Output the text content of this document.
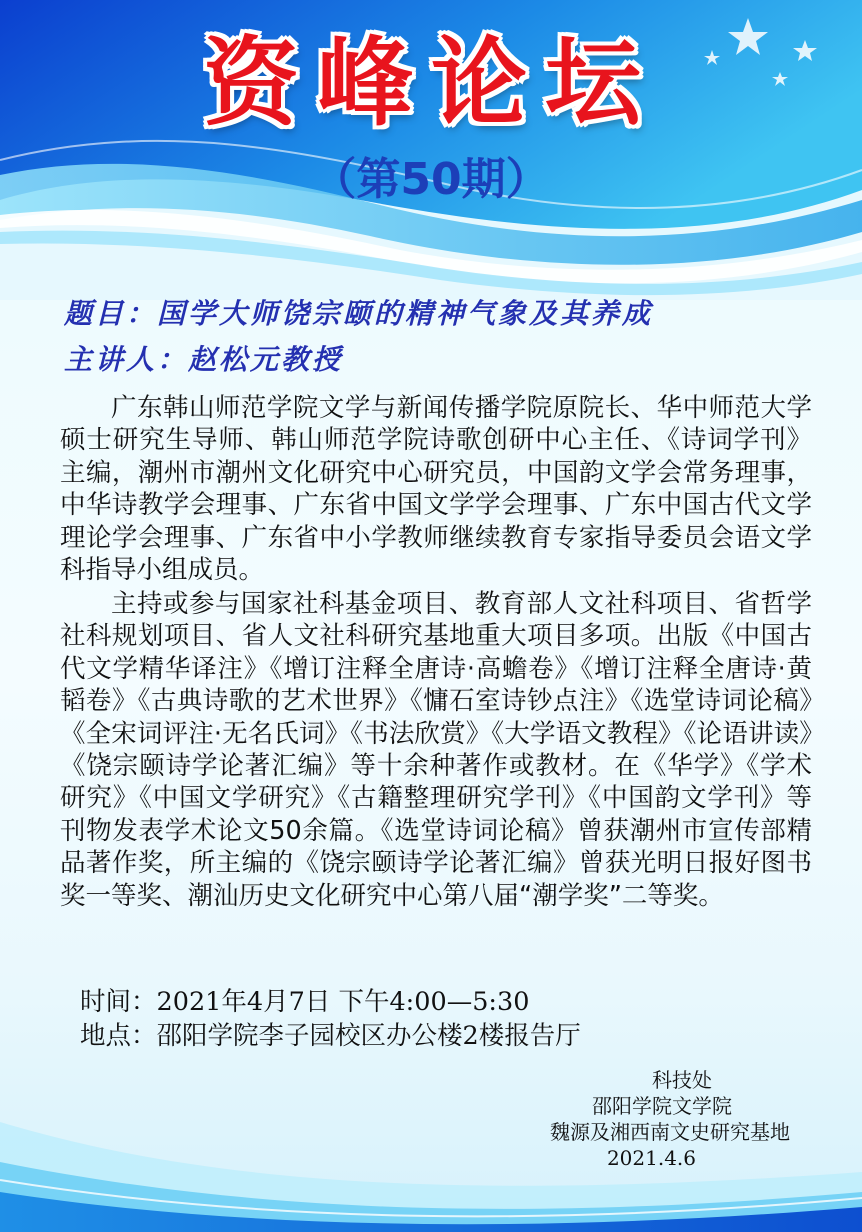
资峰论坛
（第50期）
题目：国学大师饶宗颐的精神气象及其养成
主讲人：赵松元教授

广东韩山师范学院文学与新闻传播学院原院长、华中师范大学硕士研究生导师、韩山师范学院诗歌创研中心主任、《诗词学刊》主编，潮州市潮州文化研究中心研究员，中国韵文学会常务理事，中华诗教学会理事、广东省中国文学学会理事、广东中国古代文学理论学会理事、广东省中小学教师继续教育专家指导委员会语文学科指导小组成员。

主持或参与国家社科基金项目、教育部人文社科项目、省哲学社科规划项目、省人文社科研究基地重大项目多项。出版《中国古代文学精华译注》《增订注释全唐诗·高蟾卷》《增订注释全唐诗·黄韬卷》《古典诗歌的艺术世界》《慵石室诗钞点注》《选堂诗词论稿》《全宋词评注·无名氏词》《书法欣赏》《大学语文教程》《论语讲读》《饶宗颐诗学论著汇编》等十余种著作或教材。在《华学》《学术研究》《中国文学研究》《古籍整理研究学刊》《中国韵文学刊》等刊物发表学术论文50余篇。《选堂诗词论稿》曾获潮州市宣传部精品著作奖，所主编的《饶宗颐诗学论著汇编》曾获光明日报好图书奖一等奖、潮汕历史文化研究中心第八届“潮学奖”二等奖。

时间：2021年4月7日 下午4:00—5:30
地点：邵阳学院李子园校区办公楼2楼报告厅
科技处
邵阳学院文学院
魏源及湘西南文史研究基地
2021.4.6
